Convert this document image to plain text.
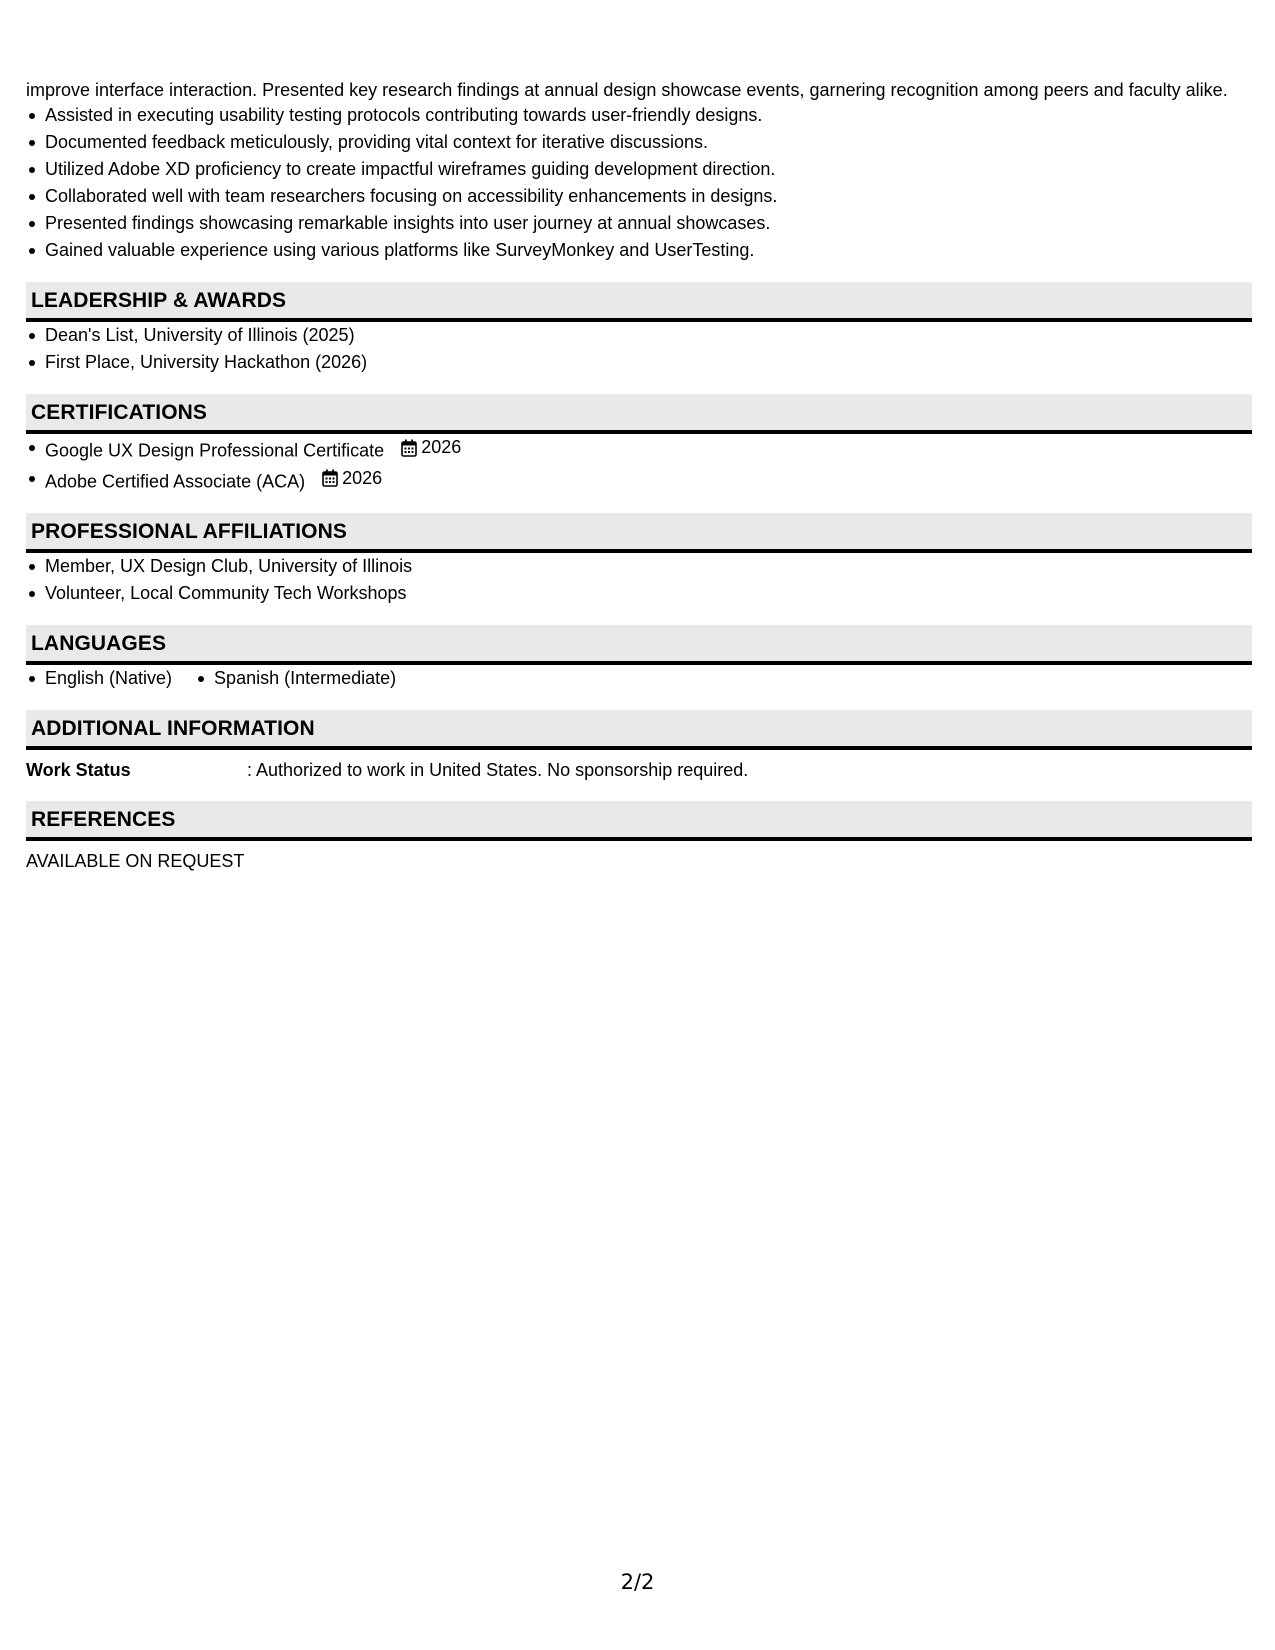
improve interface interaction. Presented key research findings at annual design showcase events, garnering recognition among peers and faculty alike.

Assisted in executing usability testing protocols contributing towards user-friendly designs.
Documented feedback meticulously, providing vital context for iterative discussions.
Utilized Adobe XD proficiency to create impactful wireframes guiding development direction.
Collaborated well with team researchers focusing on accessibility enhancements in designs.
Presented findings showcasing remarkable insights into user journey at annual showcases.
Gained valuable experience using various platforms like SurveyMonkey and UserTesting.
LEADERSHIP & AWARDS
Dean's List, University of Illinois (2025)
First Place, University Hackathon (2026)
CERTIFICATIONS
Google UX Design Professional Certificate 2026
Adobe Certified Associate (ACA) 2026
PROFESSIONAL AFFILIATIONS
Member, UX Design Club, University of Illinois
Volunteer, Local Community Tech Workshops
LANGUAGES
English (Native) Spanish (Intermediate)
ADDITIONAL INFORMATION
Work Status	: Authorized to work in United States. No sponsorship required.
REFERENCES
AVAILABLE ON REQUEST
2/2
